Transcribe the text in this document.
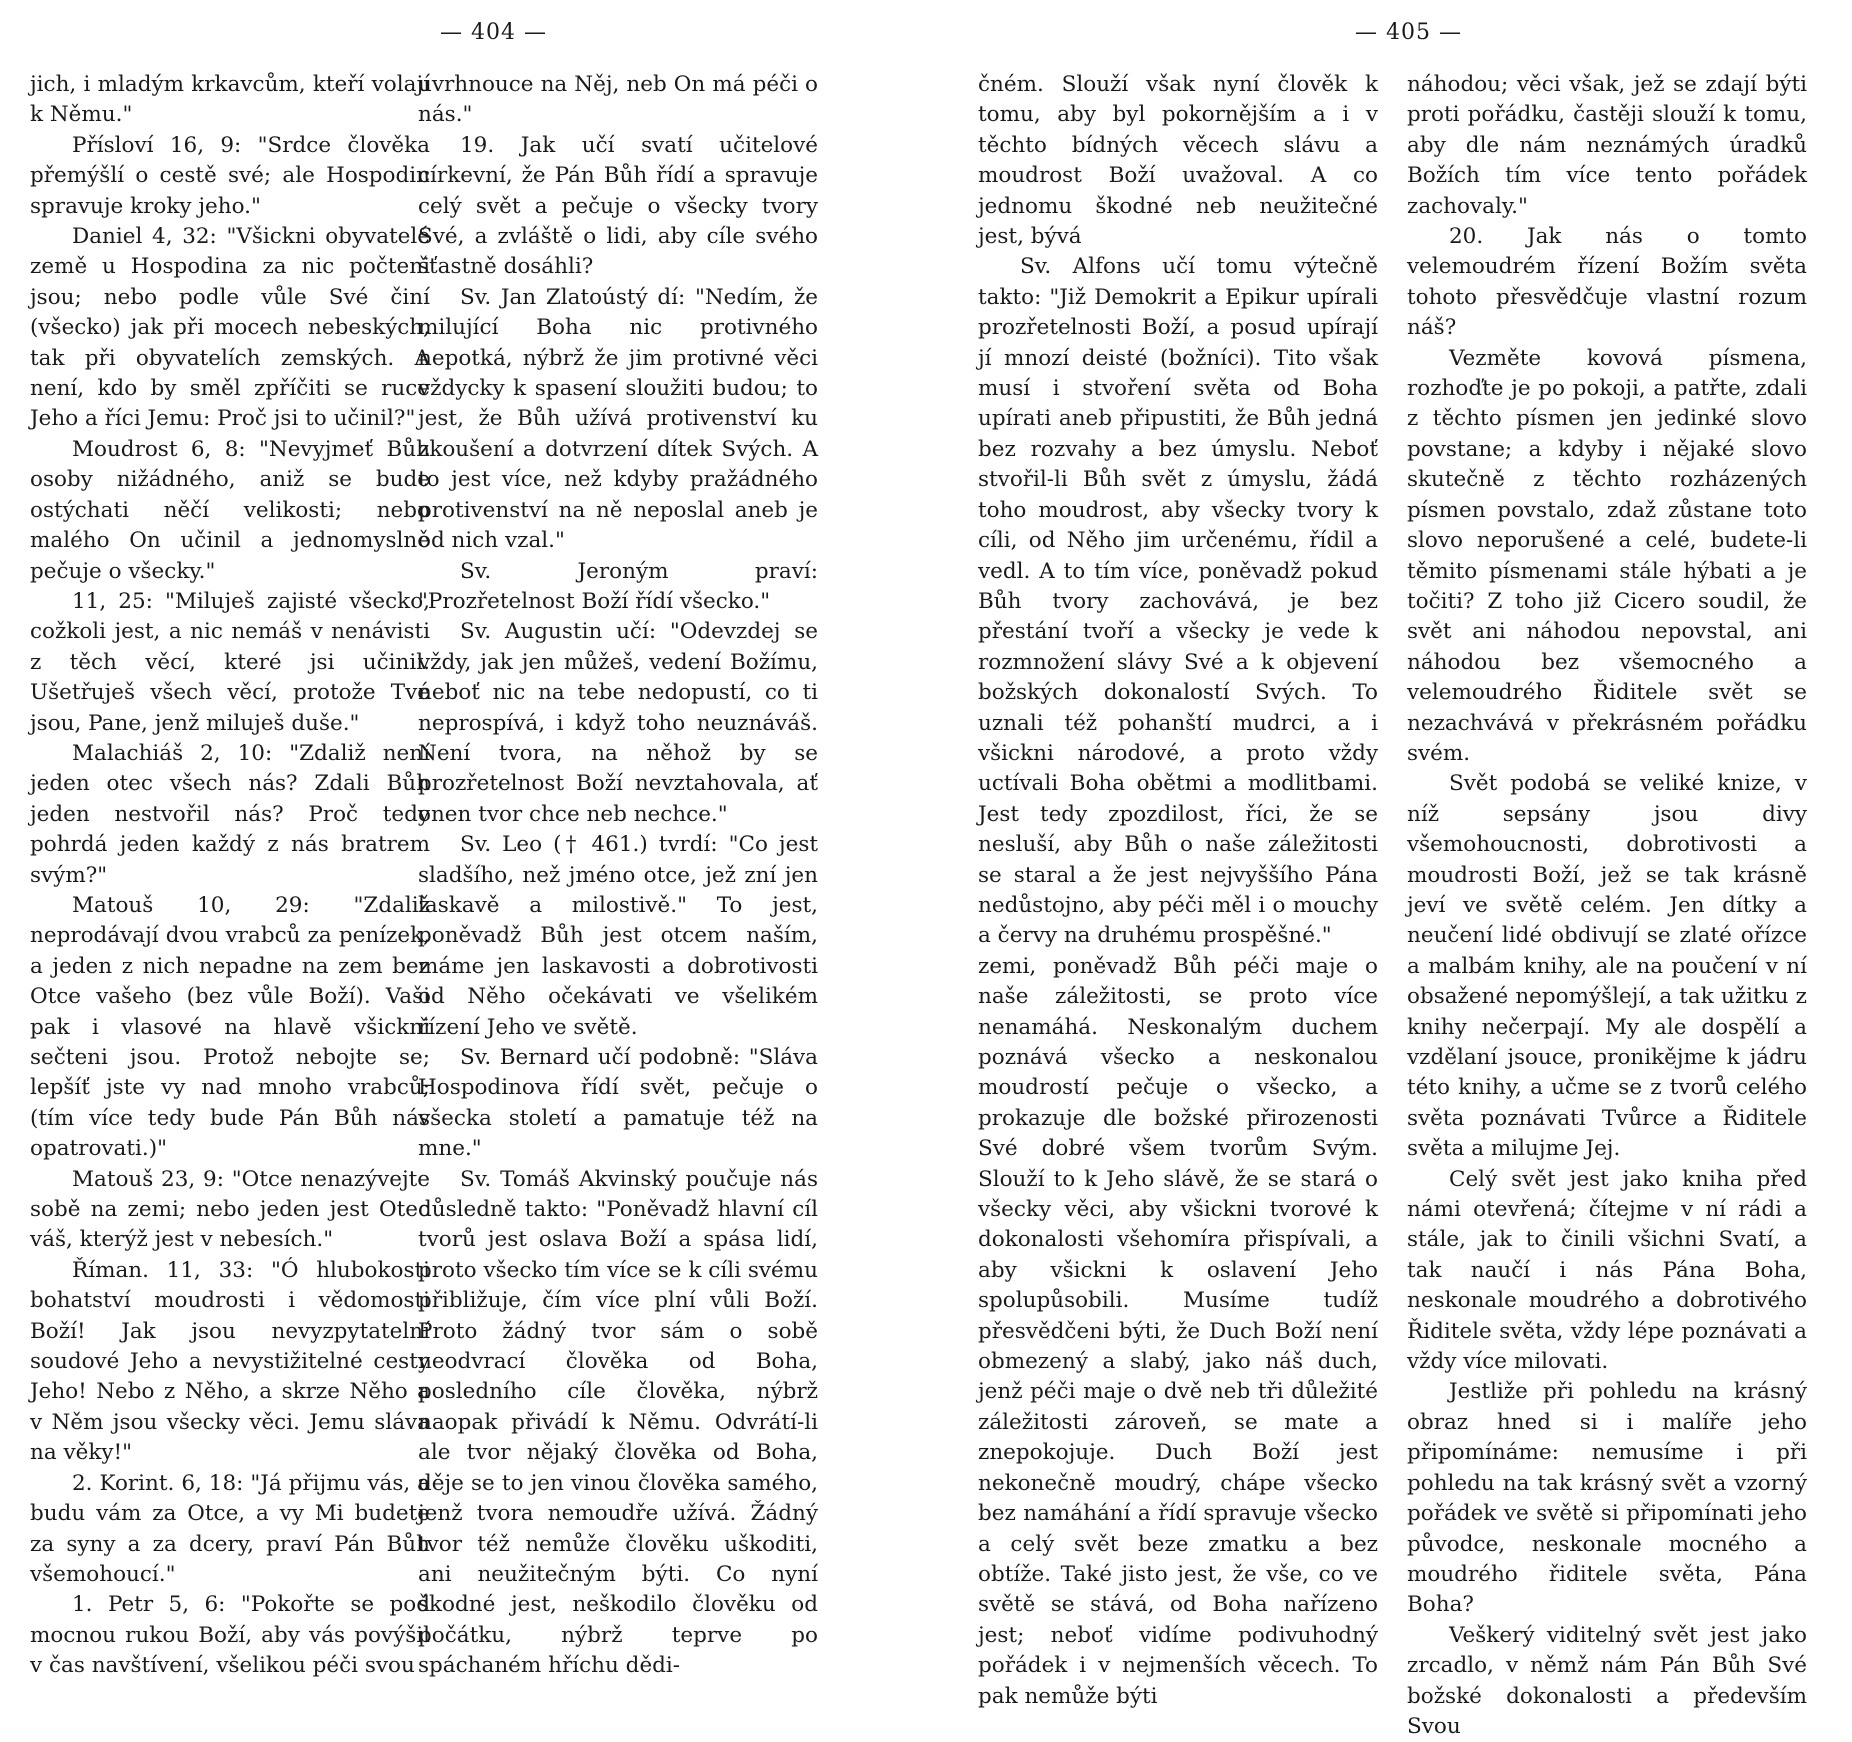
— 404 —	— 405 —

jich, i mladým krkavcům, kteří volají k Němu."

Přísloví 16, 9: "Srdce člověka přemýšlí o cestě své; ale Hospodin spravuje kroky jeho."

Daniel 4, 32: "Všickni obyvatelé země u Hospodina za nic počteni jsou; nebo podle vůle Své činí (všecko) jak při mocech nebeských, tak při obyvatelích zemských. A není, kdo by směl zpříčiti se ruce Jeho a říci Jemu: Proč jsi to učinil?"

Moudrost 6, 8: "Nevyjmeť Bůh osoby nižádného, aniž se bude ostýchati něčí velikosti; nebo malého On učinil a jednomyslně pečuje o všecky."

11, 25: "Miluješ zajisté všecko, cožkoli jest, a nic nemáš v nenávisti z těch věcí, které jsi učinil. Ušetřuješ všech věcí, protože Tvé jsou, Pane, jenž miluješ duše."

Malachiáš 2, 10: "Zdaliž není jeden otec všech nás? Zdali Bůh jeden nestvořil nás? Proč tedy pohrdá jeden každý z nás bratrem svým?"

Matouš 10, 29: "Zdaliž neprodávají dvou vrabců za penízek, a jeden z nich nepadne na zem bez Otce vašeho (bez vůle Boží). Vaši pak i vlasové na hlavě všickni sečteni jsou. Protož nebojte se; lepšíť jste vy nad mnoho vrabců; (tím více tedy bude Pán Bůh nás opatrovati.)"

Matouš 23, 9: "Otce nenazývejte sobě na zemi; nebo jeden jest Otec váš, kterýž jest v nebesích."

Říman. 11, 33: "Ó hlubokosti bohatství moudrosti i vědomosti Boží! Jak jsou nevyzpytatelní soudové Jeho a nevystižitelné cesty Jeho! Nebo z Něho, a skrze Něho a v Něm jsou všecky věci. Jemu sláva na věky!"

2. Korint. 6, 18: "Já přijmu vás, a budu vám za Otce, a vy Mi budete za syny a za dcery, praví Pán Bůh všemohoucí."

1. Petr 5, 6: "Pokořte se pod mocnou rukou Boží, aby vás povýšil v čas navštívení, všelikou péči svou

uvrhnouce na Něj, neb On má péči o nás."

19. Jak učí svatí učitelové církevní, že Pán Bůh řídí a spravuje celý svět a pečuje o všecky tvory Své, a zvláště o lidi, aby cíle svého šťastně dosáhli?

Sv. Jan Zlatoústý dí: "Nedím, že milující Boha nic protivného nepotká, nýbrž že jim protivné věci vždycky k spasení sloužiti budou; to jest, že Bůh užívá protivenství ku zkoušení a dotvrzení dítek Svých. A to jest více, než kdyby pražádného protivenství na ně neposlal aneb je od nich vzal."

Sv. Jeroným praví: "Prozřetelnost Boží řídí všecko."

Sv. Augustin učí: "Odevzdej se vždy, jak jen můžeš, vedení Božímu, neboť nic na tebe nedopustí, co ti neprospívá, i když toho neuznáváš. Není tvora, na něhož by se prozřetelnost Boží nevztahovala, ať onen tvor chce neb nechce."

Sv. Leo († 461.) tvrdí: "Co jest sladšího, než jméno otce, jež zní jen laskavě a milostivě." To jest, poněvadž Bůh jest otcem naším, máme jen laskavosti a dobrotivosti od Něho očekávati ve všelikém řízení Jeho ve světě.

Sv. Bernard učí podobně: "Sláva Hospodinova řídí svět, pečuje o všecka století a pamatuje též na mne."

Sv. Tomáš Akvinský poučuje nás důsledně takto: "Poněvadž hlavní cíl tvorů jest oslava Boží a spása lidí, proto všecko tím více se k cíli svému přibližuje, čím více plní vůli Boží. Proto žádný tvor sám o sobě neodvrací člověka od Boha, posledního cíle člověka, nýbrž naopak přivádí k Němu. Odvrátí-li ale tvor nějaký člověka od Boha, děje se to jen vinou člověka samého, jenž tvora nemoudře užívá. Žádný tvor též nemůže člověku uškoditi, ani neužitečným býti. Co nyní škodné jest, neškodilo člověku od počátku, nýbrž teprve po spáchaném hříchu dědi-

čném. Slouží však nyní člověk k tomu, aby byl pokornějším a i v těchto bídných věcech slávu a moudrost Boží uvažoval. A co jednomu škodné neb neužitečné jest, bývá

Sv. Alfons učí tomu výtečně takto: "Již Demokrit a Epikur upírali prozřetelnosti Boží, a posud upírají jí mnozí deisté (božníci). Tito však musí i stvoření světa od Boha upírati aneb připustiti, že Bůh jedná bez rozvahy a bez úmyslu. Neboť stvořil-li Bůh svět z úmyslu, žádá toho moudrost, aby všecky tvory k cíli, od Něho jim určenému, řídil a vedl. A to tím více, poněvadž pokud Bůh tvory zachovává, je bez přestání tvoří a všecky je vede k rozmnožení slávy Své a k objevení božských dokonalostí Svých. To uznali též pohanští mudrci, a i všickni národové, a proto vždy uctívali Boha obětmi a modlitbami. Jest tedy zpozdilost, říci, že se nesluší, aby Bůh o naše záležitosti se staral a že jest nejvyššího Pána nedůstojno, aby péči měl i o mouchy a červy na druhému prospěšné."

zemi, poněvadž Bůh péči maje o naše záležitosti, se proto více nenamáhá. Neskonalým duchem poznává všecko a neskonalou moudrostí pečuje o všecko, a prokazuje dle božské přirozenosti Své dobré všem tvorům Svým. Slouží to k Jeho slávě, že se stará o všecky věci, aby všickni tvorové k dokonalosti všehomíra přispívali, a aby všickni k oslavení Jeho spolupůsobili. Musíme tudíž přesvědčeni býti, že Duch Boží není obmezený a slabý, jako náš duch, jenž péči maje o dvě neb tři důležité záležitosti zároveň, se mate a znepokojuje. Duch Boží jest nekonečně moudrý, chápe všecko bez namáhání a řídí spravuje všecko a celý svět beze zmatku a bez obtíže. Také jisto jest, že vše, co ve světě se stává, od Boha nařízeno jest; neboť vidíme podivuhodný pořádek i v nejmenších věcech. To pak nemůže býti

náhodou; věci však, jež se zdají býti proti pořádku, častěji slouží k tomu, aby dle nám neznámých úradků Božích tím více tento pořádek zachovaly."

20. Jak nás o tomto velemoudrém řízení Božím světa tohoto přesvědčuje vlastní rozum náš?

Vezměte kovová písmena, rozhoďte je po pokoji, a patřte, zdali z těchto písmen jen jedinké slovo povstane; a kdyby i nějaké slovo skutečně z těchto rozházených písmen povstalo, zdaž zůstane toto slovo neporušené a celé, budete-li těmito písmenami stále hýbati a je točiti? Z toho již Cicero soudil, že svět ani náhodou nepovstal, ani náhodou bez všemocného a velemoudrého Řiditele svět se nezachvává v překrásném pořádku svém.

Svět podobá se veliké knize, v níž sepsány jsou divy všemohoucnosti, dobrotivosti a moudrosti Boží, jež se tak krásně jeví ve světě celém. Jen dítky a neučení lidé obdivují se zlaté ořízce a malbám knihy, ale na poučení v ní obsažené nepomýšlejí, a tak užitku z knihy nečerpají. My ale dospělí a vzdělaní jsouce, pronikějme k jádru této knihy, a učme se z tvorů celého světa poznávati Tvůrce a Řiditele světa a milujme Jej.

Celý svět jest jako kniha před námi otevřená; čítejme v ní rádi a stále, jak to činili všichni Svatí, a tak naučí i nás Pána Boha, neskonale moudrého a dobrotivého Řiditele světa, vždy lépe poznávati a vždy více milovati.

Jestliže při pohledu na krásný obraz hned si i malíře jeho připomínáme: nemusíme i při pohledu na tak krásný svět a vzorný pořádek ve světě si připomínati jeho původce, neskonale mocného a moudrého řiditele světa, Pána Boha?

Veškerý viditelný svět jest jako zrcadlo, v němž nám Pán Bůh Své božské dokonalosti a především Svou
